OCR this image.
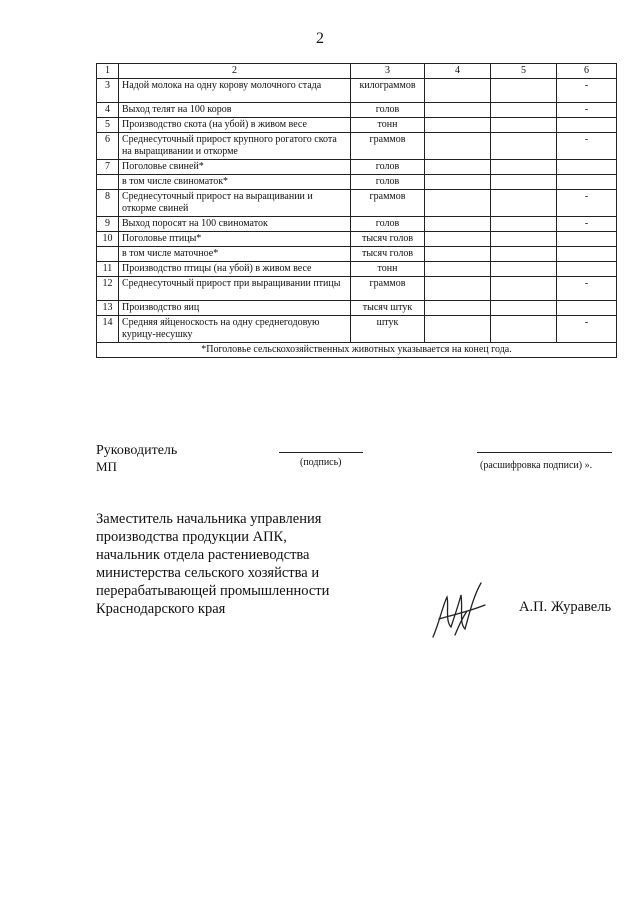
2
1	2	3	4	5	6
3	Надой молока на одну корову молочного стада	килограммов			-
4	Выход телят на 100 коров	голов			-
5	Производство скота (на убой) в живом весе	тонн			
6	Среднесуточный прирост крупного рогатого скота на выращивании и откорме	граммов			-
7	Поголовье свиней*	голов			
	в том числе свиноматок*	голов			
8	Среднесуточный прирост на выращивании и откорме свиней	граммов			-
9	Выход поросят на 100 свиноматок	голов			-
10	Поголовье птицы*	тысяч голов			
	в том числе маточное*	тысяч голов			
11	Производство птицы (на убой) в живом весе	тонн			
12	Среднесуточный прирост при выращивании птицы	граммов			-
13	Производство яиц	тысяч штук			
14	Средняя яйценоскость на одну среднегодовую курицу-несушку	штук			-
*Поголовье сельскохозяйственных животных указывается на конец года.					
Руководитель
МП	(подпись)	(расшифровка подписи) ».
Заместитель начальника управления
производства продукции АПК,
начальник отдела растениеводства
министерства сельского хозяйства и
перерабатывающей промышленности
Краснодарского края	А.П. Журавель
